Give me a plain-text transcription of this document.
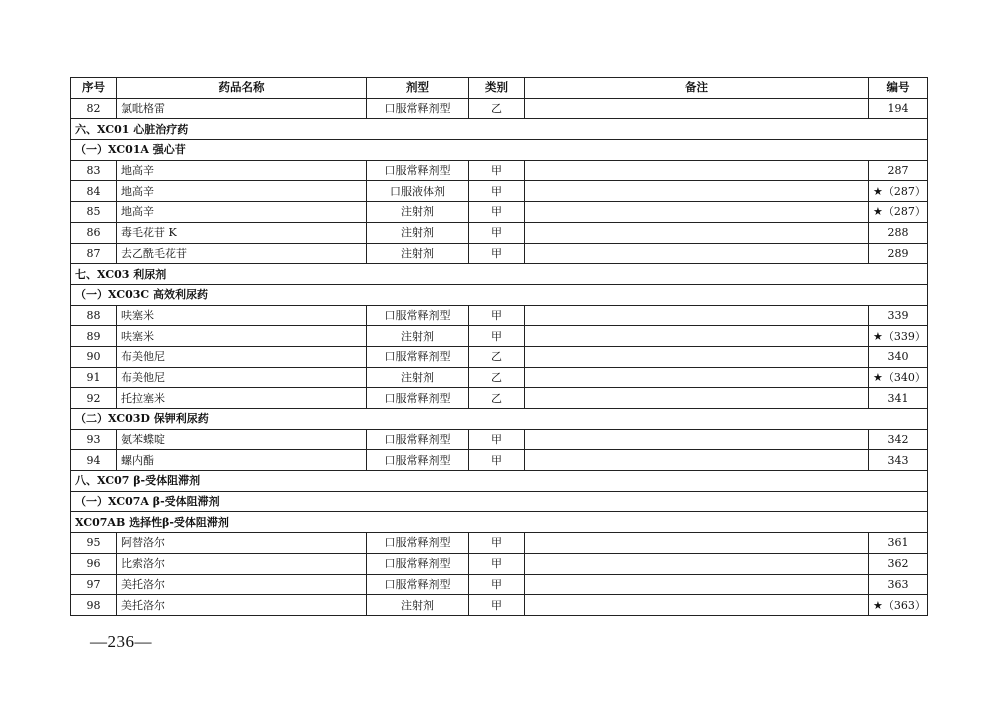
序号	药品名称	剂型	类别	备注	编号
82	氯吡格雷	口服常释剂型	乙		194
六、XC01 心脏治疗药					
（一）XC01A 强心苷					
83	地高辛	口服常释剂型	甲		287
84	地高辛	口服液体剂	甲		★（287）
85	地高辛	注射剂	甲		★（287）
86	毒毛花苷 K	注射剂	甲		288
87	去乙酰毛花苷	注射剂	甲		289
七、XC03 利尿剂					
（一）XC03C 高效利尿药					
88	呋塞米	口服常释剂型	甲		339
89	呋塞米	注射剂	甲		★（339）
90	布美他尼	口服常释剂型	乙		340
91	布美他尼	注射剂	乙		★（340）
92	托拉塞米	口服常释剂型	乙		341
（二）XC03D 保钾利尿药					
93	氨苯蝶啶	口服常释剂型	甲		342
94	螺内酯	口服常释剂型	甲		343
八、XC07 β-受体阻滞剂					
（一）XC07A β-受体阻滞剂					
XC07AB 选择性β-受体阻滞剂					
95	阿替洛尔	口服常释剂型	甲		361
96	比索洛尔	口服常释剂型	甲		362
97	美托洛尔	口服常释剂型	甲		363
98	美托洛尔	注射剂	甲		★（363）
—236—
